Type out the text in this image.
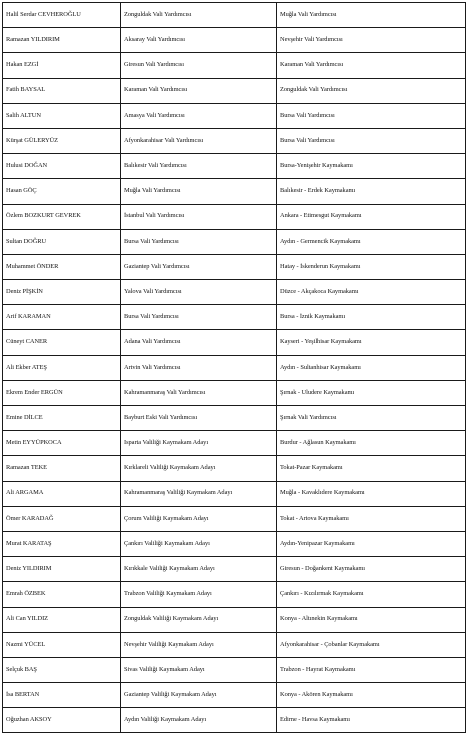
Halil Serdar CEVHEROĞLU	Zonguldak Vali Yardımcısı	Muğla Vali Yardımcısı
Ramazan YILDIRIM	Aksaray Vali Yardımcısı	Nevşehir Vali Yardımcısı
Hakan EZGİ	Giresun Vali Yardımcısı	Karaman Vali Yardımcısı
Fatih BAYSAL	Karaman Vali Yardımcısı	Zonguldak Vali Yardımcısı
Salih ALTUN	Amasya Vali Yardımcısı	Bursa Vali Yardımcısı
Kürşat GÜLERYÜZ	Afyonkarahisar Vali Yardımcısı	Bursa Vali Yardımcısı
Hulusi DOĞAN	Balıkesir Vali Yardımcısı	Bursa-Yenişehir Kaymakamı
Hasan GÖÇ	Muğla Vali Yardımcısı	Balıkesir - Erdek Kaymakamı
Özlem BOZKURT GEVREK	İstanbul Vali Yardımcısı	Ankara - Etimesgut Kaymakamı
Sultan DOĞRU	Bursa Vali Yardımcısı	Aydın - Germencik Kaymakamı
Muhammet ÖNDER	Gaziantep Vali Yardımcısı	Hatay - İskenderun Kaymakamı
Deniz PİŞKİN	Yalova Vali Yardımcısı	Düzce - Akçakoca Kaymakamı
Arif KARAMAN	Bursa Vali Yardımcısı	Bursa - İznik Kaymakamı
Cüneyt CANER	Adana Vali Yardımcısı	Kayseri - Yeşilhisar Kaymakamı
Ali Ekber ATEŞ	Artvin Vali Yardımcısı	Aydın - Sultanhisar Kaymakamı
Ekrem Ender ERGÜN	Kahramanmaraş Vali Yardımcısı	Şırnak - Uludere Kaymakamı
Emine DİLCE	Bayburt Eski Vali Yardımcısı	Şırnak Vali Yardımcısı
Metin EYYÜPKOCA	Isparta Valiliği Kaymakam Adayı	Burdur - Ağlasun Kaymakamı
Ramazan TEKE	Kırklareli Valiliği Kaymakam Adayı	Tokat-Pazar Kaymakamı
Ali ARGAMA	Kahramanmaraş Valiliği Kaymakam Adayı	Muğla - Kavaklıdere Kaymakamı
Ömer KARADAĞ	Çorum Valiliği Kaymakam Adayı	Tokat - Artova Kaymakamı
Murat KARATAŞ	Çankırı Valiliği Kaymakam Adayı	Aydın-Yenipazar Kaymakamı
Deniz YILDIRIM	Kırıkkale Valiliği Kaymakam Adayı	Giresun - Doğankent Kaymakamı
Emrah ÖZBEK	Trabzon Valiliği Kaymakam Adayı	Çankırı - Kızılırmak Kaymakamı
Ali Can YILDIZ	Zonguldak Valiliği Kaymakam Adayı	Konya - Altınekin Kaymakamı
Nazmi YÜCEL	Nevşehir Valiliği Kaymakam Adayı	Afyonkarahisar - Çobanlar Kaymakamı
Selçuk BAŞ	Sivas Valiliği Kaymakam Adayı	Trabzon - Hayrat Kaymakamı
İsa BERTAN	Gaziantep Valiliği Kaymakam Adayı	Konya - Akören Kaymakamı
Oğuzhan AKSOY	Aydın Valiliği Kaymakam Adayı	Edirne - Havsa Kaymakamı
